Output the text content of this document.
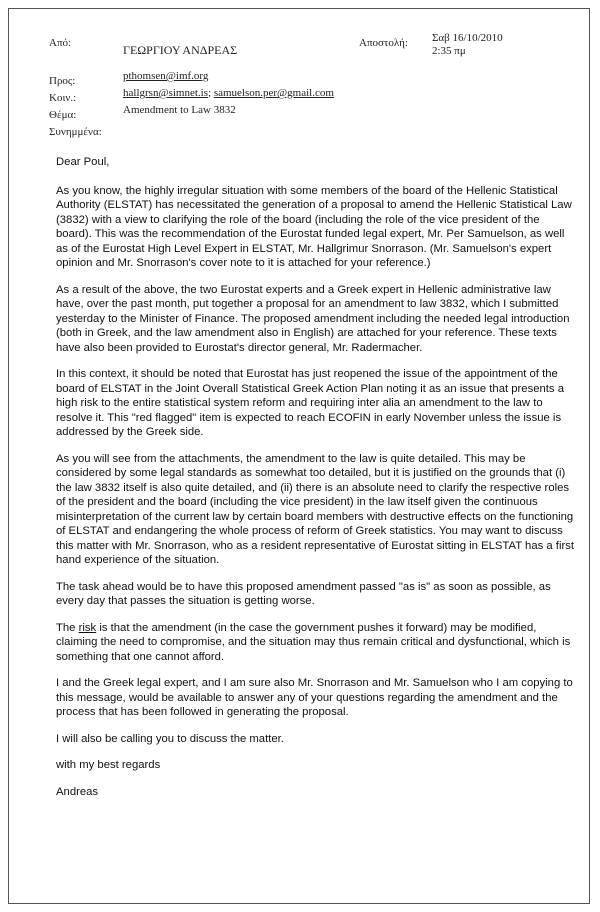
Από:	ΓΕΩΡΓΙΟΥ ΑΝΔΡΕΑΣ	Αποστολή: Σαβ 16/10/2010
2:35 πμ
Προς:	pthomsen@imf.org
Κοιν.:	hallgrsn@simnet.is; samuelson.per@gmail.com
Θέμα:	Amendment to Law 3832
Συνημμένα:

Dear Poul,

As you know, the highly irregular situation with some members of the board of the Hellenic Statistical Authority (ELSTAT) has necessitated the generation of a proposal to amend the Hellenic Statistical Law (3832) with a view to clarifying the role of the board (including the role of the vice president of the board). This was the recommendation of the Eurostat funded legal expert, Mr. Per Samuelson, as well as of the Eurostat High Level Expert in ELSTAT, Mr. Hallgrimur Snorrason. (Mr. Samuelson's expert opinion and Mr. Snorrason's cover note to it is attached for your reference.)

As a result of the above, the two Eurostat experts and a Greek expert in Hellenic administrative law have, over the past month, put together a proposal for an amendment to law 3832, which I submitted yesterday to the Minister of Finance. The proposed amendment including the needed legal introduction (both in Greek, and the law amendment also in English) are attached for your reference. These texts have also been provided to Eurostat's director general, Mr. Radermacher.

In this context, it should be noted that Eurostat has just reopened the issue of the appointment of the board of ELSTAT in the Joint Overall Statistical Greek Action Plan noting it as an issue that presents a high risk to the entire statistical system reform and requiring inter alia an amendment to the law to resolve it. This "red flagged" item is expected to reach ECOFIN in early November unless the issue is addressed by the Greek side.

As you will see from the attachments, the amendment to the law is quite detailed. This may be considered by some legal standards as somewhat too detailed, but it is justified on the grounds that (i) the law 3832 itself is also quite detailed, and (ii) there is an absolute need to clarify the respective roles of the president and the board (including the vice president) in the law itself given the continuous misinterpretation of the current law by certain board members with destructive effects on the functioning of ELSTAT and endangering the whole process of reform of Greek statistics. You may want to discuss this matter with Mr. Snorrason, who as a resident representative of Eurostat sitting in ELSTAT has a first hand experience of the situation.

The task ahead would be to have this proposed amendment passed "as is" as soon as possible, as every day that passes the situation is getting worse.

The risk is that the amendment (in the case the government pushes it forward) may be modified, claiming the need to compromise, and the situation may thus remain critical and dysfunctional, which is something that one cannot afford.

I and the Greek legal expert, and I am sure also Mr. Snorrason and Mr. Samuelson who I am copying to this message, would be available to answer any of your questions regarding the amendment and the process that has been followed in generating the proposal.

I will also be calling you to discuss the matter.

with my best regards

Andreas
